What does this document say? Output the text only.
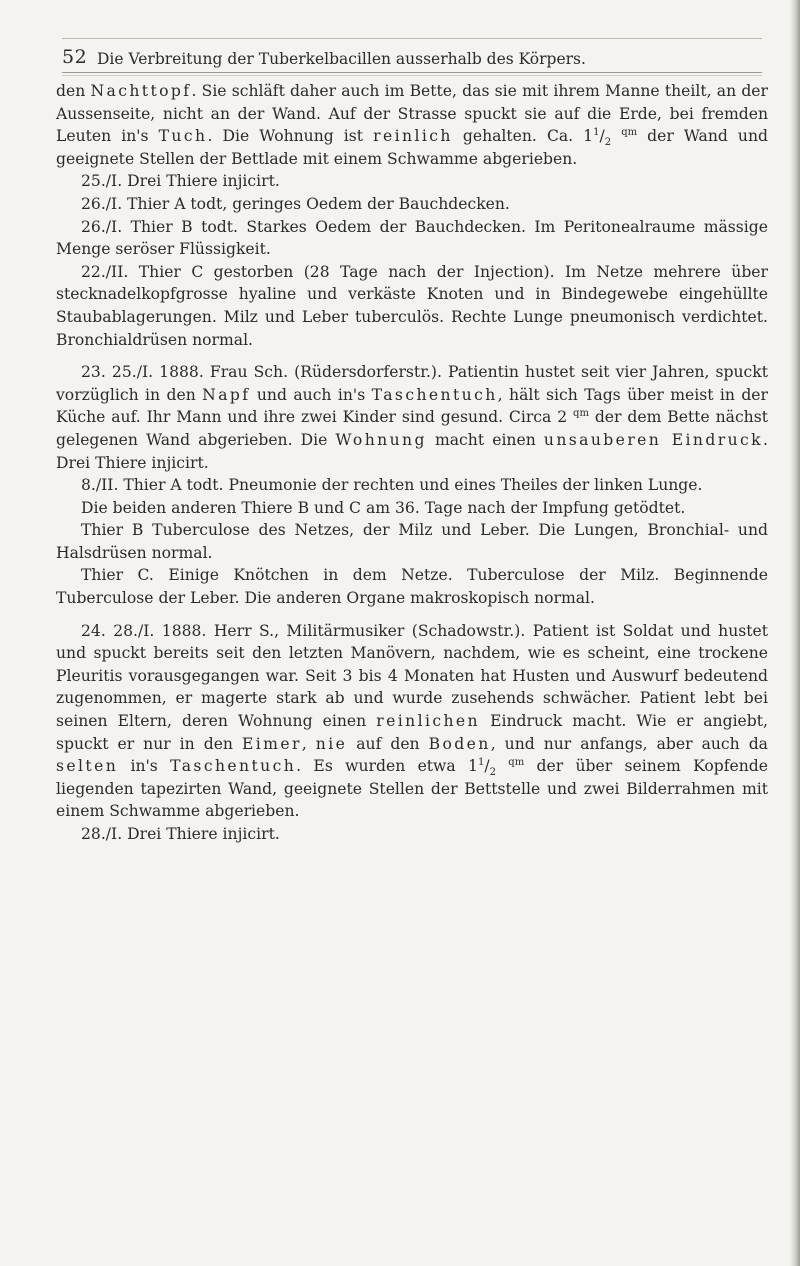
52 Die Verbreitung der Tuberkelbacillen ausserhalb des Körpers.

den Nachttopf. Sie schläft daher auch im Bette, das sie mit ihrem Manne theilt, an der Aussenseite, nicht an der Wand. Auf der Strasse spuckt sie auf die Erde, bei fremden Leuten in's Tuch. Die Wohnung ist reinlich gehalten. Ca. $1^1/_2$ $^{qm}$ der Wand und geeignete Stellen der Bettlade mit einem Schwamme abgerieben.

25./I. Drei Thiere injicirt.

26./I. Thier A todt, geringes Oedem der Bauchdecken.

26./I. Thier B todt. Starkes Oedem der Bauchdecken. Im Peritonealraume mässige Menge seröser Flüssigkeit.

22./II. Thier C gestorben (28 Tage nach der Injection). Im Netze mehrere über stecknadelkopfgrosse hyaline und verkäste Knoten und in Bindegewebe eingehüllte Staubablagerungen. Milz und Leber tuberculös. Rechte Lunge pneumonisch verdichtet. Bronchialdrüsen normal.

23. 25./I. 1888. Frau Sch. (Rüdersdorferstr.). Patientin hustet seit vier Jahren, spuckt vorzüglich in den Napf und auch in's Taschentuch, hält sich Tags über meist in der Küche auf. Ihr Mann und ihre zwei Kinder sind gesund. Circa 2 $^{qm}$ der dem Bette nächst gelegenen Wand abgerieben. Die Wohnung macht einen unsauberen Eindruck. Drei Thiere injicirt.

8./II. Thier A todt. Pneumonie der rechten und eines Theiles der linken Lunge.

Die beiden anderen Thiere B und C am 36. Tage nach der Impfung getödtet.

Thier B Tuberculose des Netzes, der Milz und Leber. Die Lungen, Bronchial- und Halsdrüsen normal.

Thier C. Einige Knötchen in dem Netze. Tuberculose der Milz. Beginnende Tuberculose der Leber. Die anderen Organe makroskopisch normal.

24. 28./I. 1888. Herr S., Militärmusiker (Schadowstr.). Patient ist Soldat und hustet und spuckt bereits seit den letzten Manövern, nachdem, wie es scheint, eine trockene Pleuritis vorausgegangen war. Seit 3 bis 4 Monaten hat Husten und Auswurf bedeutend zugenommen, er magerte stark ab und wurde zusehends schwächer. Patient lebt bei seinen Eltern, deren Wohnung einen reinlichen Eindruck macht. Wie er angiebt, spuckt er nur in den Eimer, nie auf den Boden, und nur anfangs, aber auch da selten in's Taschentuch. Es wurden etwa $1^1/_2$ $^{qm}$ der über seinem Kopfende liegenden tapezirten Wand, geeignete Stellen der Bettstelle und zwei Bilderrahmen mit einem Schwamme abgerieben.

28./I. Drei Thiere injicirt.
